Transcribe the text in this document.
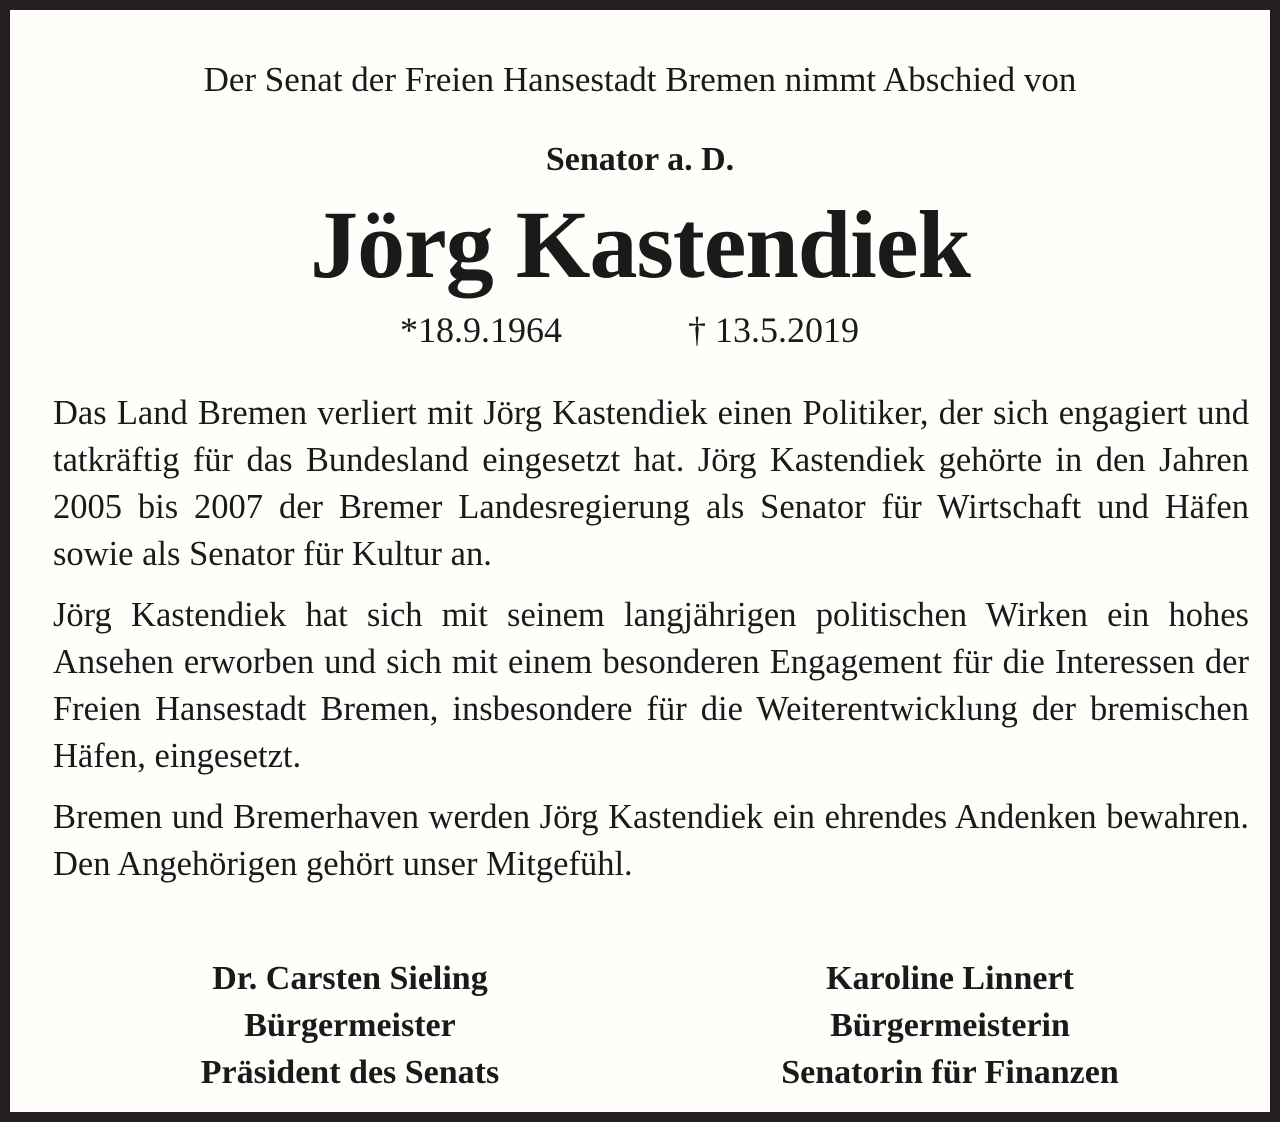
Der Senat der Freien Hansestadt Bremen nimmt Abschied von
Senator a. D.
Jörg Kastendiek
*18.9.1964	† 13.5.2019

Das Land Bremen verliert mit Jörg Kastendiek einen Politiker, der sich engagiert und tatkräftig für das Bundesland eingesetzt hat. Jörg Kastendiek gehörte in den Jahren 2005 bis 2007 der Bremer Landesregierung als Senator für Wirtschaft und Häfen sowie als Senator für Kultur an.

Jörg Kastendiek hat sich mit seinem langjährigen politischen Wirken ein hohes Ansehen erworben und sich mit einem besonderen Engagement für die Interessen der Freien Hansestadt Bremen, insbesondere für die Weiterentwicklung der bremischen Häfen, eingesetzt.

Bremen und Bremerhaven werden Jörg Kastendiek ein ehrendes Andenken bewahren. Den Angehörigen gehört unser Mitgefühl.

Dr. Carsten Sieling
Bürgermeister
Präsident des Senats
Karoline Linnert
Bürgermeisterin
Senatorin für Finanzen
